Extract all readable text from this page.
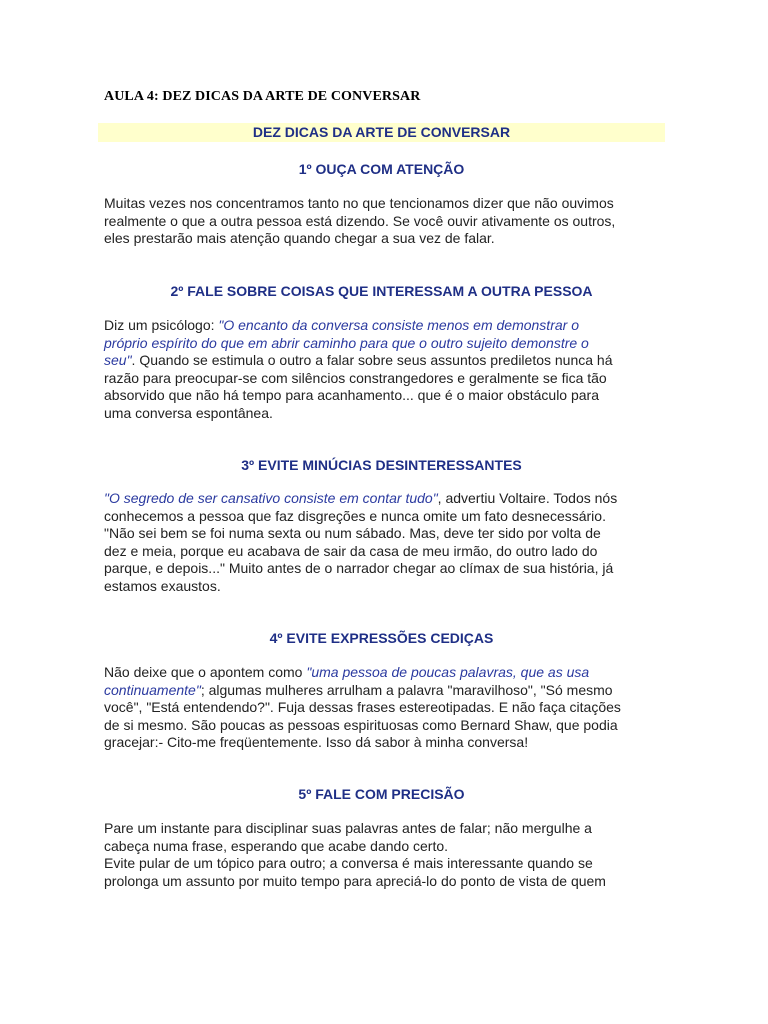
AULA 4: DEZ DICAS DA ARTE DE CONVERSAR
DEZ DICAS DA ARTE DE CONVERSAR
1º OUÇA COM ATENÇÃO
Muitas vezes nos concentramos tanto no que tencionamos dizer que não ouvimos
realmente o que a outra pessoa está dizendo. Se você ouvir ativamente os outros,
eles prestarão mais atenção quando chegar a sua vez de falar.
2º FALE SOBRE COISAS QUE INTERESSAM A OUTRA PESSOA
Diz um psicólogo: "O encanto da conversa consiste menos em demonstrar o
próprio espírito do que em abrir caminho para que o outro sujeito demonstre o
seu". Quando se estimula o outro a falar sobre seus assuntos prediletos nunca há
razão para preocupar-se com silêncios constrangedores e geralmente se fica tão
absorvido que não há tempo para acanhamento... que é o maior obstáculo para
uma conversa espontânea.
3º EVITE MINÚCIAS DESINTERESSANTES
"O segredo de ser cansativo consiste em contar tudo", advertiu Voltaire. Todos nós
conhecemos a pessoa que faz disgreções e nunca omite um fato desnecessário.
"Não sei bem se foi numa sexta ou num sábado. Mas, deve ter sido por volta de
dez e meia, porque eu acabava de sair da casa de meu irmão, do outro lado do
parque, e depois..." Muito antes de o narrador chegar ao clímax de sua história, já
estamos exaustos.
4º EVITE EXPRESSÕES CEDIÇAS
Não deixe que o apontem como "uma pessoa de poucas palavras, que as usa
continuamente"; algumas mulheres arrulham a palavra "maravilhoso", "Só mesmo
você", "Está entendendo?". Fuja dessas frases estereotipadas. E não faça citações
de si mesmo. São poucas as pessoas espirituosas como Bernard Shaw, que podia
gracejar:- Cito-me freqüentemente. Isso dá sabor à minha conversa!
5º FALE COM PRECISÃO
Pare um instante para disciplinar suas palavras antes de falar; não mergulhe a
cabeça numa frase, esperando que acabe dando certo.
Evite pular de um tópico para outro; a conversa é mais interessante quando se
prolonga um assunto por muito tempo para apreciá-lo do ponto de vista de quem
